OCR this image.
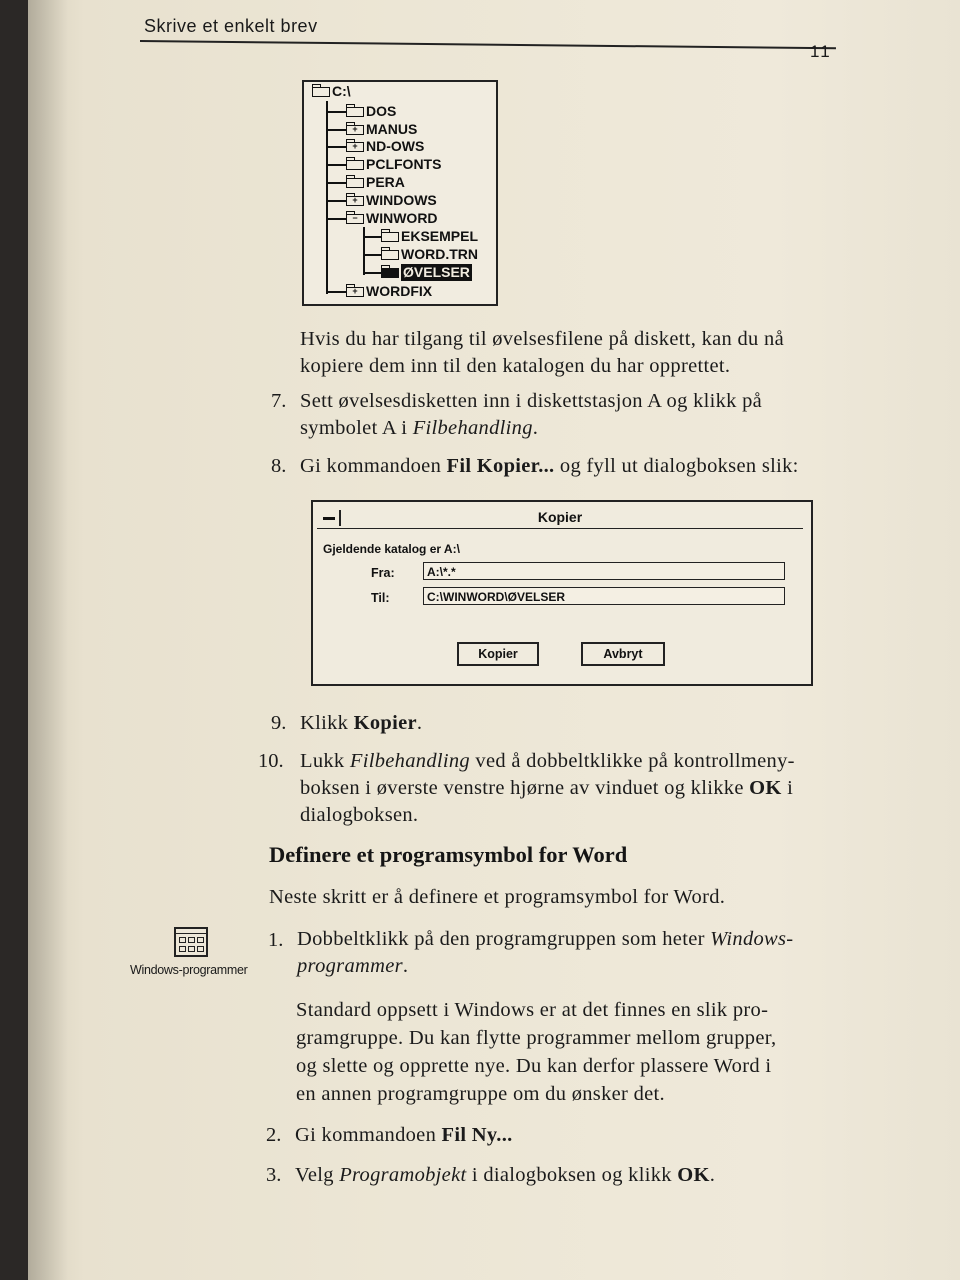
Skrive et enkelt brev
11
C:\
DOS
+ MANUS
+ ND-OWS
PCLFONTS
PERA
+ WINDOWS
− WINWORD
EKSEMPEL
WORD.TRN
ØVELSER
+ WORDFIX
Hvis du har tilgang til øvelsesfilene på diskett, kan du nå
kopiere dem inn til den katalogen du har opprettet.
7. Sett øvelsesdisketten inn i diskettstasjon A og klikk på
symbolet A i Filbehandling.
8. Gi kommandoen Fil Kopier... og fyll ut dialogboksen slik:
Kopier
Gjeldende katalog er A:\
Fra:	A:\*.*
Til:	C:\WINWORD\ØVELSER
Kopier	Avbryt
9. Klikk Kopier.
10. Lukk Filbehandling ved å dobbeltklikke på kontrollmeny-
boksen i øverste venstre hjørne av vinduet og klikke OK i
dialogboksen.
Definere et programsymbol for Word
Neste skritt er å definere et programsymbol for Word.
Windows-programmer
1. Dobbeltklikk på den programgruppen som heter Windows-
programmer.
Standard oppsett i Windows er at det finnes en slik pro-
gramgruppe. Du kan flytte programmer mellom grupper,
og slette og opprette nye. Du kan derfor plassere Word i
en annen programgruppe om du ønsker det.
2. Gi kommandoen Fil Ny...
3. Velg Programobjekt i dialogboksen og klikk OK.
